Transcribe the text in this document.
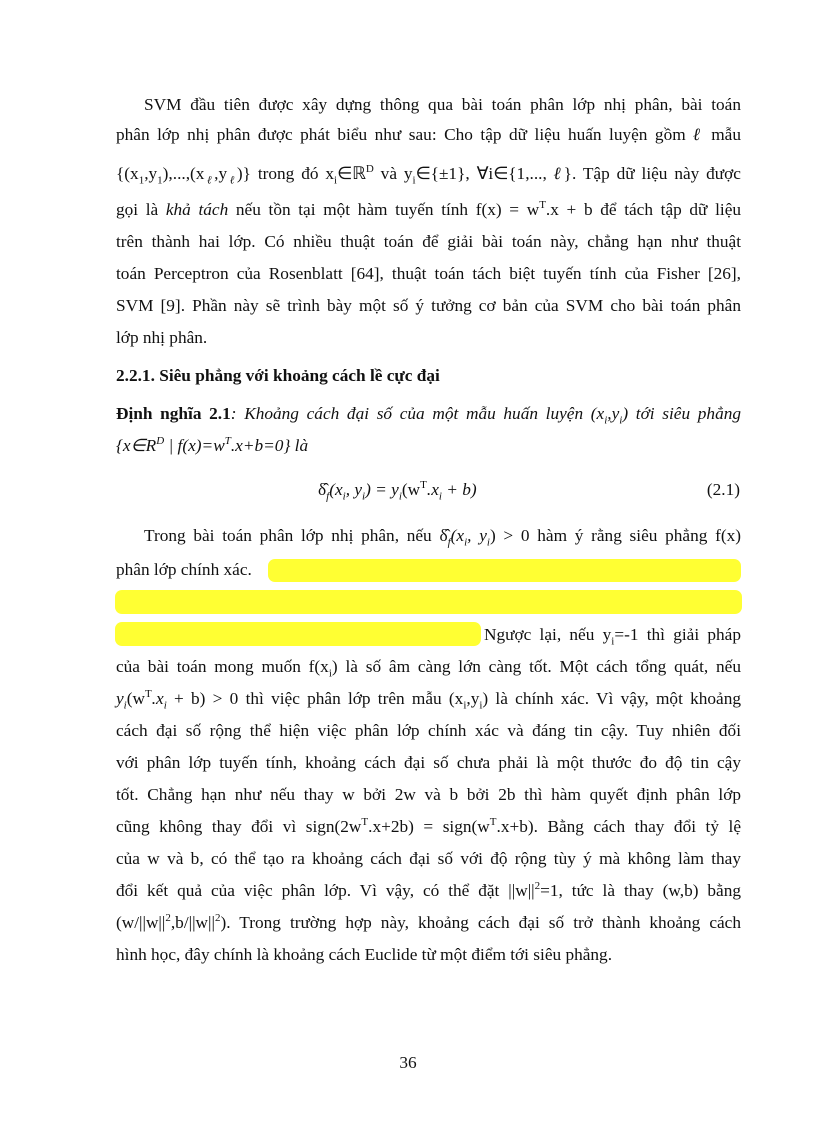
SVM đầu tiên được xây dựng thông qua bài toán phân lớp nhị phân, bài toán
phân lớp nhị phân được phát biểu như sau: Cho tập dữ liệu huấn luyện gồm ℓ mẫu
$\{(x_1,y_1),...,(x_\ell,y_\ell)\}$ trong đó $x_i\in ℝ^D$ và $y_i\in\{\pm 1\}$, ∀i∈{1,..., ℓ}. Tập dữ liệu này được
gọi là khả tách nếu tồn tại một hàm tuyến tính $f(x) = w^T.x + b$ để tách tập dữ liệu
trên thành hai lớp. Có nhiều thuật toán để giải bài toán này, chẳng hạn như thuật
toán Perceptron của Rosenblatt [64], thuật toán tách biệt tuyến tính của Fisher [26],
SVM [9]. Phần này sẽ trình bày một số ý tưởng cơ bản của SVM cho bài toán phân
lớp nhị phân.
2.2.1. Siêu phẳng với khoảng cách lề cực đại
Định nghĩa 2.1: Khoảng cách đại số của một mẫu huấn luyện $(x_i,y_i)$ tới siêu phẳng
{$x\in R^D$ | $f(x)=w^T.x+b=0$} là
$\deltâ_f(x_i$, $y_i) = y_i(w^T.x_i + b)$	(2.1)
Trong bài toán phân lớp nhị phân, nếu $\deltâ_f(x_i$, $y_i) > 0$ hàm ý rằng siêu phẳng f(x)
phân lớp chính xác.
Ngược lại, nếu $y_i=-1$ thì giải pháp
của bài toán mong muốn $f(x_i)$ là số âm càng lớn càng tốt. Một cách tổng quát, nếu
$y_i(w^T.x_i + b) > 0$ thì việc phân lớp trên mẫu $(x_i,y_i)$ là chính xác. Vì vậy, một khoảng
cách đại số rộng thể hiện việc phân lớp chính xác và đáng tin cậy. Tuy nhiên đối
với phân lớp tuyến tính, khoảng cách đại số chưa phải là một thước đo độ tin cậy
tốt. Chẳng hạn như nếu thay w bởi 2w và b bởi 2b thì hàm quyết định phân lớp
cũng không thay đổi vì $sign(2w^T.x+2b)$ = $sign(w^T.x+b)$. Bằng cách thay đổi tỷ lệ
của w và b, có thể tạo ra khoảng cách đại số với độ rộng tùy ý mà không làm thay
đổi kết quả của việc phân lớp. Vì vậy, có thể đặt $||w||^2=1$, tức là thay (w,b) bằng
$(w/||w||^2,b/||w||^2)$. Trong trường hợp này, khoảng cách đại số trở thành khoảng cách
hình học, đây chính là khoảng cách Euclide từ một điểm tới siêu phẳng.
36
